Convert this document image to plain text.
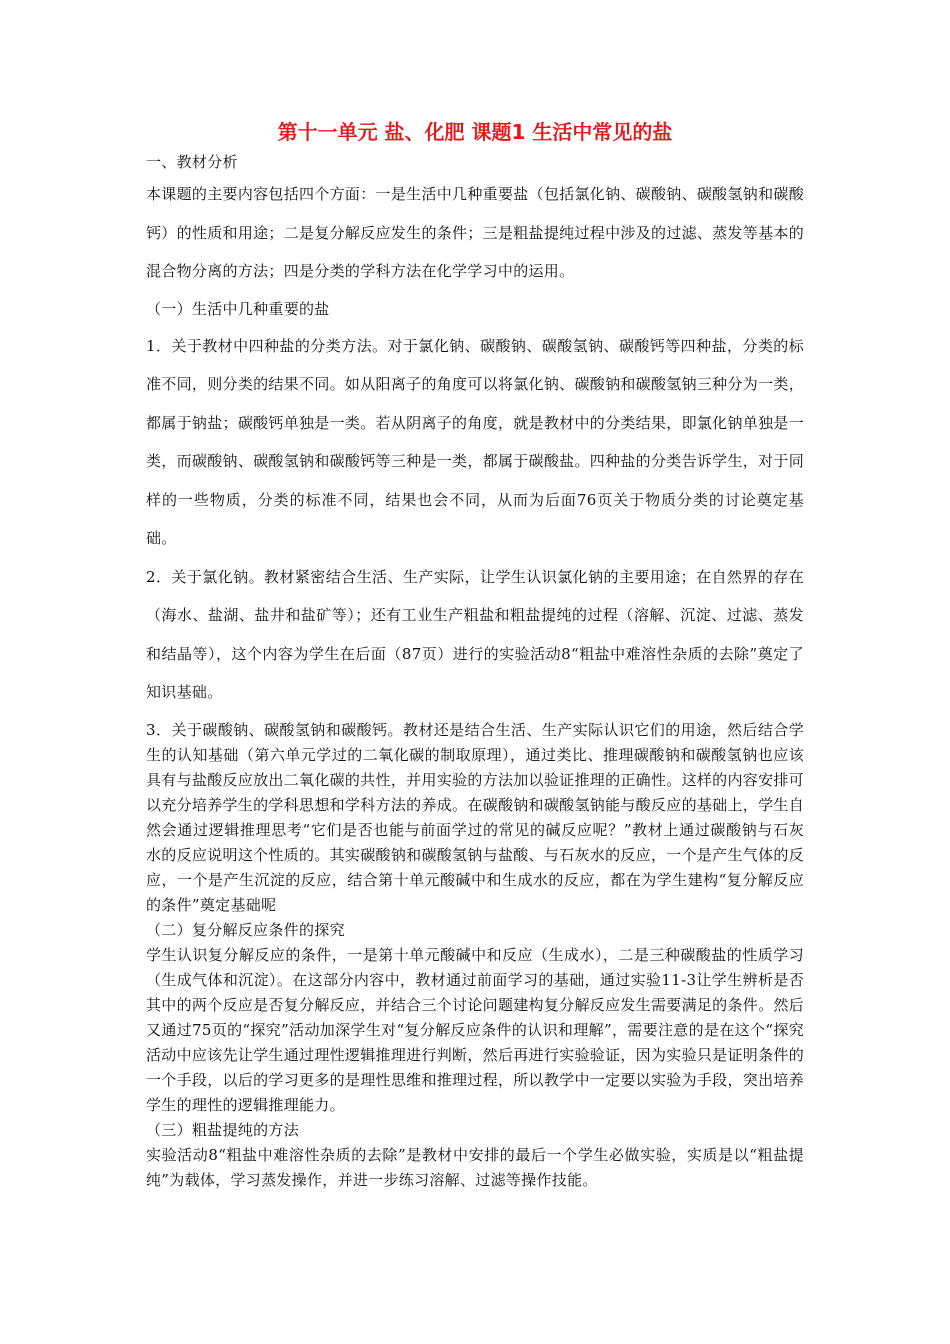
第十一单元 盐、化肥 课题1 生活中常见的盐
一、教材分析
本课题的主要内容包括四个方面：一是生活中几种重要盐（包括氯化钠、碳酸钠、碳酸氢钠和碳酸钙）的性质和用途；二是复分解反应发生的条件；三是粗盐提纯过程中涉及的过滤、蒸发等基本的混合物分离的方法；四是分类的学科方法在化学学习中的运用。
（一）生活中几种重要的盐
1．关于教材中四种盐的分类方法。对于氯化钠、碳酸钠、碳酸氢钠、碳酸钙等四种盐，分类的标准不同，则分类的结果不同。如从阳离子的角度可以将氯化钠、碳酸钠和碳酸氢钠三种分为一类，都属于钠盐；碳酸钙单独是一类。若从阴离子的角度，就是教材中的分类结果，即氯化钠单独是一类，而碳酸钠、碳酸氢钠和碳酸钙等三种是一类，都属于碳酸盐。四种盐的分类告诉学生，对于同样的一些物质，分类的标准不同，结果也会不同，从而为后面76页关于物质分类的讨论奠定基础。
2．关于氯化钠。教材紧密结合生活、生产实际，让学生认识氯化钠的主要用途；在自然界的存在（海水、盐湖、盐井和盐矿等）；还有工业生产粗盐和粗盐提纯的过程（溶解、沉淀、过滤、蒸发和结晶等），这个内容为学生在后面（87页）进行的实验活动8“粗盐中难溶性杂质的去除”奠定了知识基础。
3．关于碳酸钠、碳酸氢钠和碳酸钙。教材还是结合生活、生产实际认识它们的用途，然后结合学生的认知基础（第六单元学过的二氧化碳的制取原理），通过类比、推理碳酸钠和碳酸氢钠也应该具有与盐酸反应放出二氧化碳的共性，并用实验的方法加以验证推理的正确性。这样的内容安排可以充分培养学生的学科思想和学科方法的养成。在碳酸钠和碳酸氢钠能与酸反应的基础上，学生自然会通过逻辑推理思考“它们是否也能与前面学过的常见的碱反应呢？”教材上通过碳酸钠与石灰水的反应说明这个性质的。其实碳酸钠和碳酸氢钠与盐酸、与石灰水的反应，一个是产生气体的反应，一个是产生沉淀的反应，结合第十单元酸碱中和生成水的反应，都在为学生建构“复分解反应的条件”奠定基础呢
（二）复分解反应条件的探究
学生认识复分解反应的条件，一是第十单元酸碱中和反应（生成水），二是三种碳酸盐的性质学习（生成气体和沉淀）。在这部分内容中，教材通过前面学习的基础，通过实验11-3让学生辨析是否其中的两个反应是否复分解反应，并结合三个讨论问题建构复分解反应发生需要满足的条件。然后又通过75页的“探究”活动加深学生对“复分解反应条件的认识和理解”，需要注意的是在这个“探究活动中应该先让学生通过理性逻辑推理进行判断，然后再进行实验验证，因为实验只是证明条件的一个手段，以后的学习更多的是理性思维和推理过程，所以教学中一定要以实验为手段，突出培养学生的理性的逻辑推理能力。
（三）粗盐提纯的方法
实验活动8“粗盐中难溶性杂质的去除”是教材中安排的最后一个学生必做实验，实质是以“粗盐提纯”为载体，学习蒸发操作，并进一步练习溶解、过滤等操作技能。
